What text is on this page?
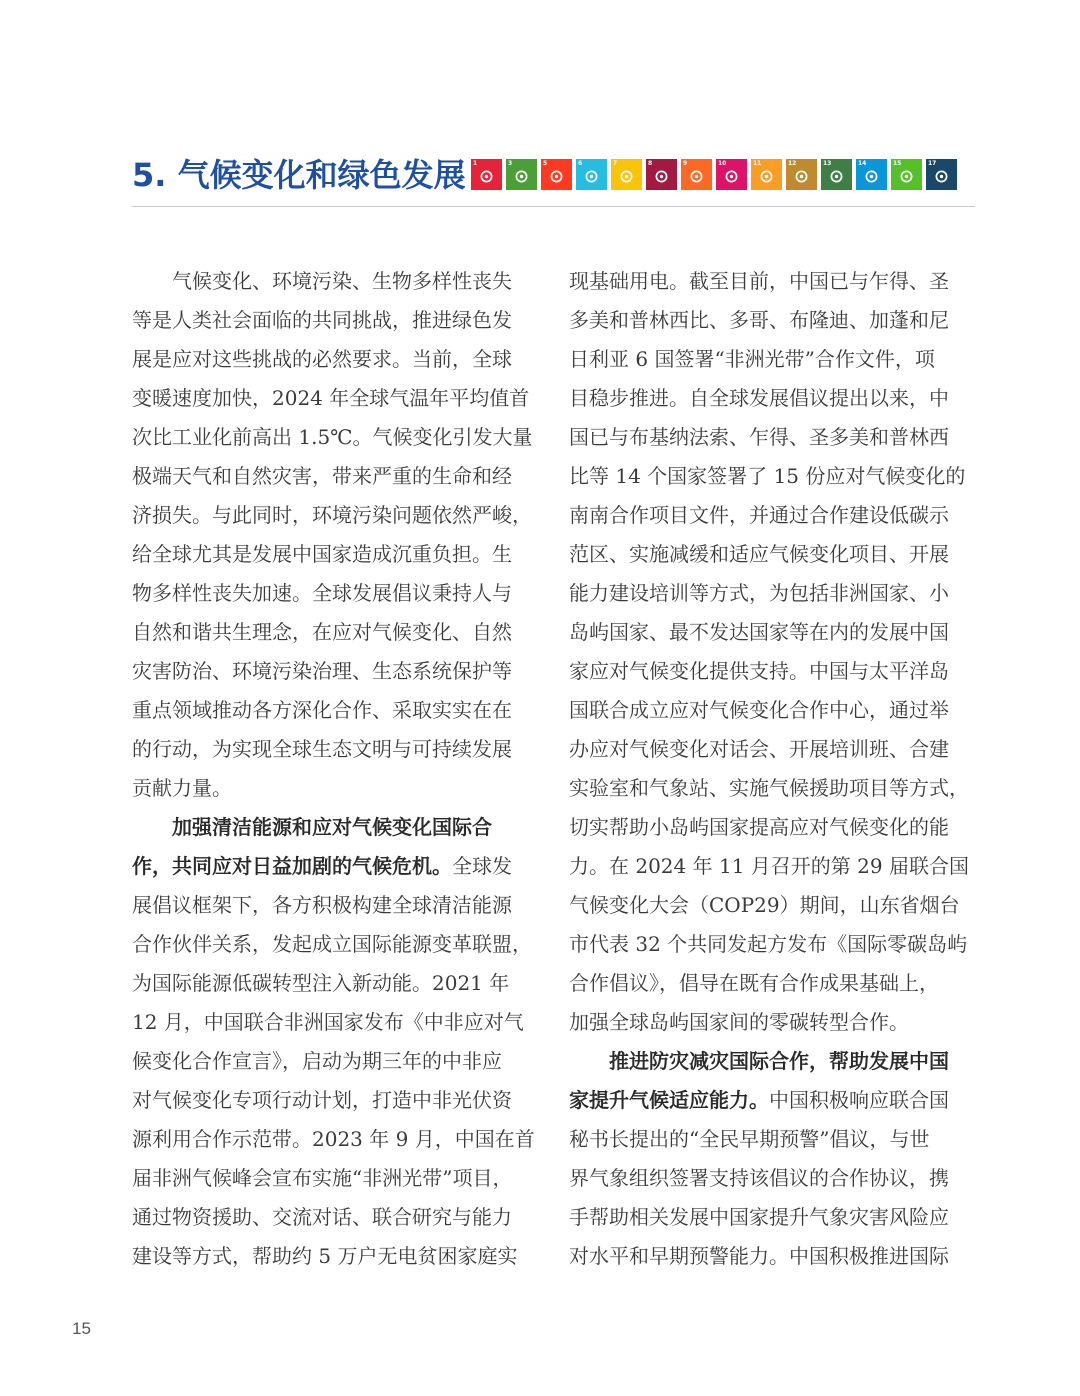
5. 气候变化和绿色发展 1	3	5	6	7	8	9	10	11	12	13	14	15	17
　　气候变化、环境污染、生物多样性丧失
等是人类社会面临的共同挑战，推进绿色发
展是应对这些挑战的必然要求。当前，全球
变暖速度加快，2024 年全球气温年平均值首
次比工业化前高出 1.5℃。气候变化引发大量
极端天气和自然灾害，带来严重的生命和经
济损失。与此同时，环境污染问题依然严峻，
给全球尤其是发展中国家造成沉重负担。生
物多样性丧失加速。全球发展倡议秉持人与
自然和谐共生理念，在应对气候变化、自然
灾害防治、环境污染治理、生态系统保护等
重点领域推动各方深化合作、采取实实在在
的行动，为实现全球生态文明与可持续发展
贡献力量。
　　加强清洁能源和应对气候变化国际合
作，共同应对日益加剧的气候危机。全球发
展倡议框架下，各方积极构建全球清洁能源
合作伙伴关系，发起成立国际能源变革联盟，
为国际能源低碳转型注入新动能。2021 年
12 月，中国联合非洲国家发布《中非应对气
候变化合作宣言》，启动为期三年的中非应
对气候变化专项行动计划，打造中非光伏资
源利用合作示范带。2023 年 9 月，中国在首
届非洲气候峰会宣布实施“非洲光带”项目，
通过物资援助、交流对话、联合研究与能力
建设等方式，帮助约 5 万户无电贫困家庭实
现基础用电。截至目前，中国已与乍得、圣
多美和普林西比、多哥、布隆迪、加蓬和尼
日利亚 6 国签署“非洲光带”合作文件，项
目稳步推进。自全球发展倡议提出以来，中
国已与布基纳法索、乍得、圣多美和普林西
比等 14 个国家签署了 15 份应对气候变化的
南南合作项目文件，并通过合作建设低碳示
范区、实施减缓和适应气候变化项目、开展
能力建设培训等方式，为包括非洲国家、小
岛屿国家、最不发达国家等在内的发展中国
家应对气候变化提供支持。中国与太平洋岛
国联合成立应对气候变化合作中心，通过举
办应对气候变化对话会、开展培训班、合建
实验室和气象站、实施气候援助项目等方式，
切实帮助小岛屿国家提高应对气候变化的能
力。在 2024 年 11 月召开的第 29 届联合国
气候变化大会（COP29）期间，山东省烟台
市代表 32 个共同发起方发布《国际零碳岛屿
合作倡议》，倡导在既有合作成果基础上，
加强全球岛屿国家间的零碳转型合作。
　　推进防灾减灾国际合作，帮助发展中国
家提升气候适应能力。中国积极响应联合国
秘书长提出的“全民早期预警”倡议，与世
界气象组织签署支持该倡议的合作协议，携
手帮助相关发展中国家提升气象灾害风险应
对水平和早期预警能力。中国积极推进国际
15
